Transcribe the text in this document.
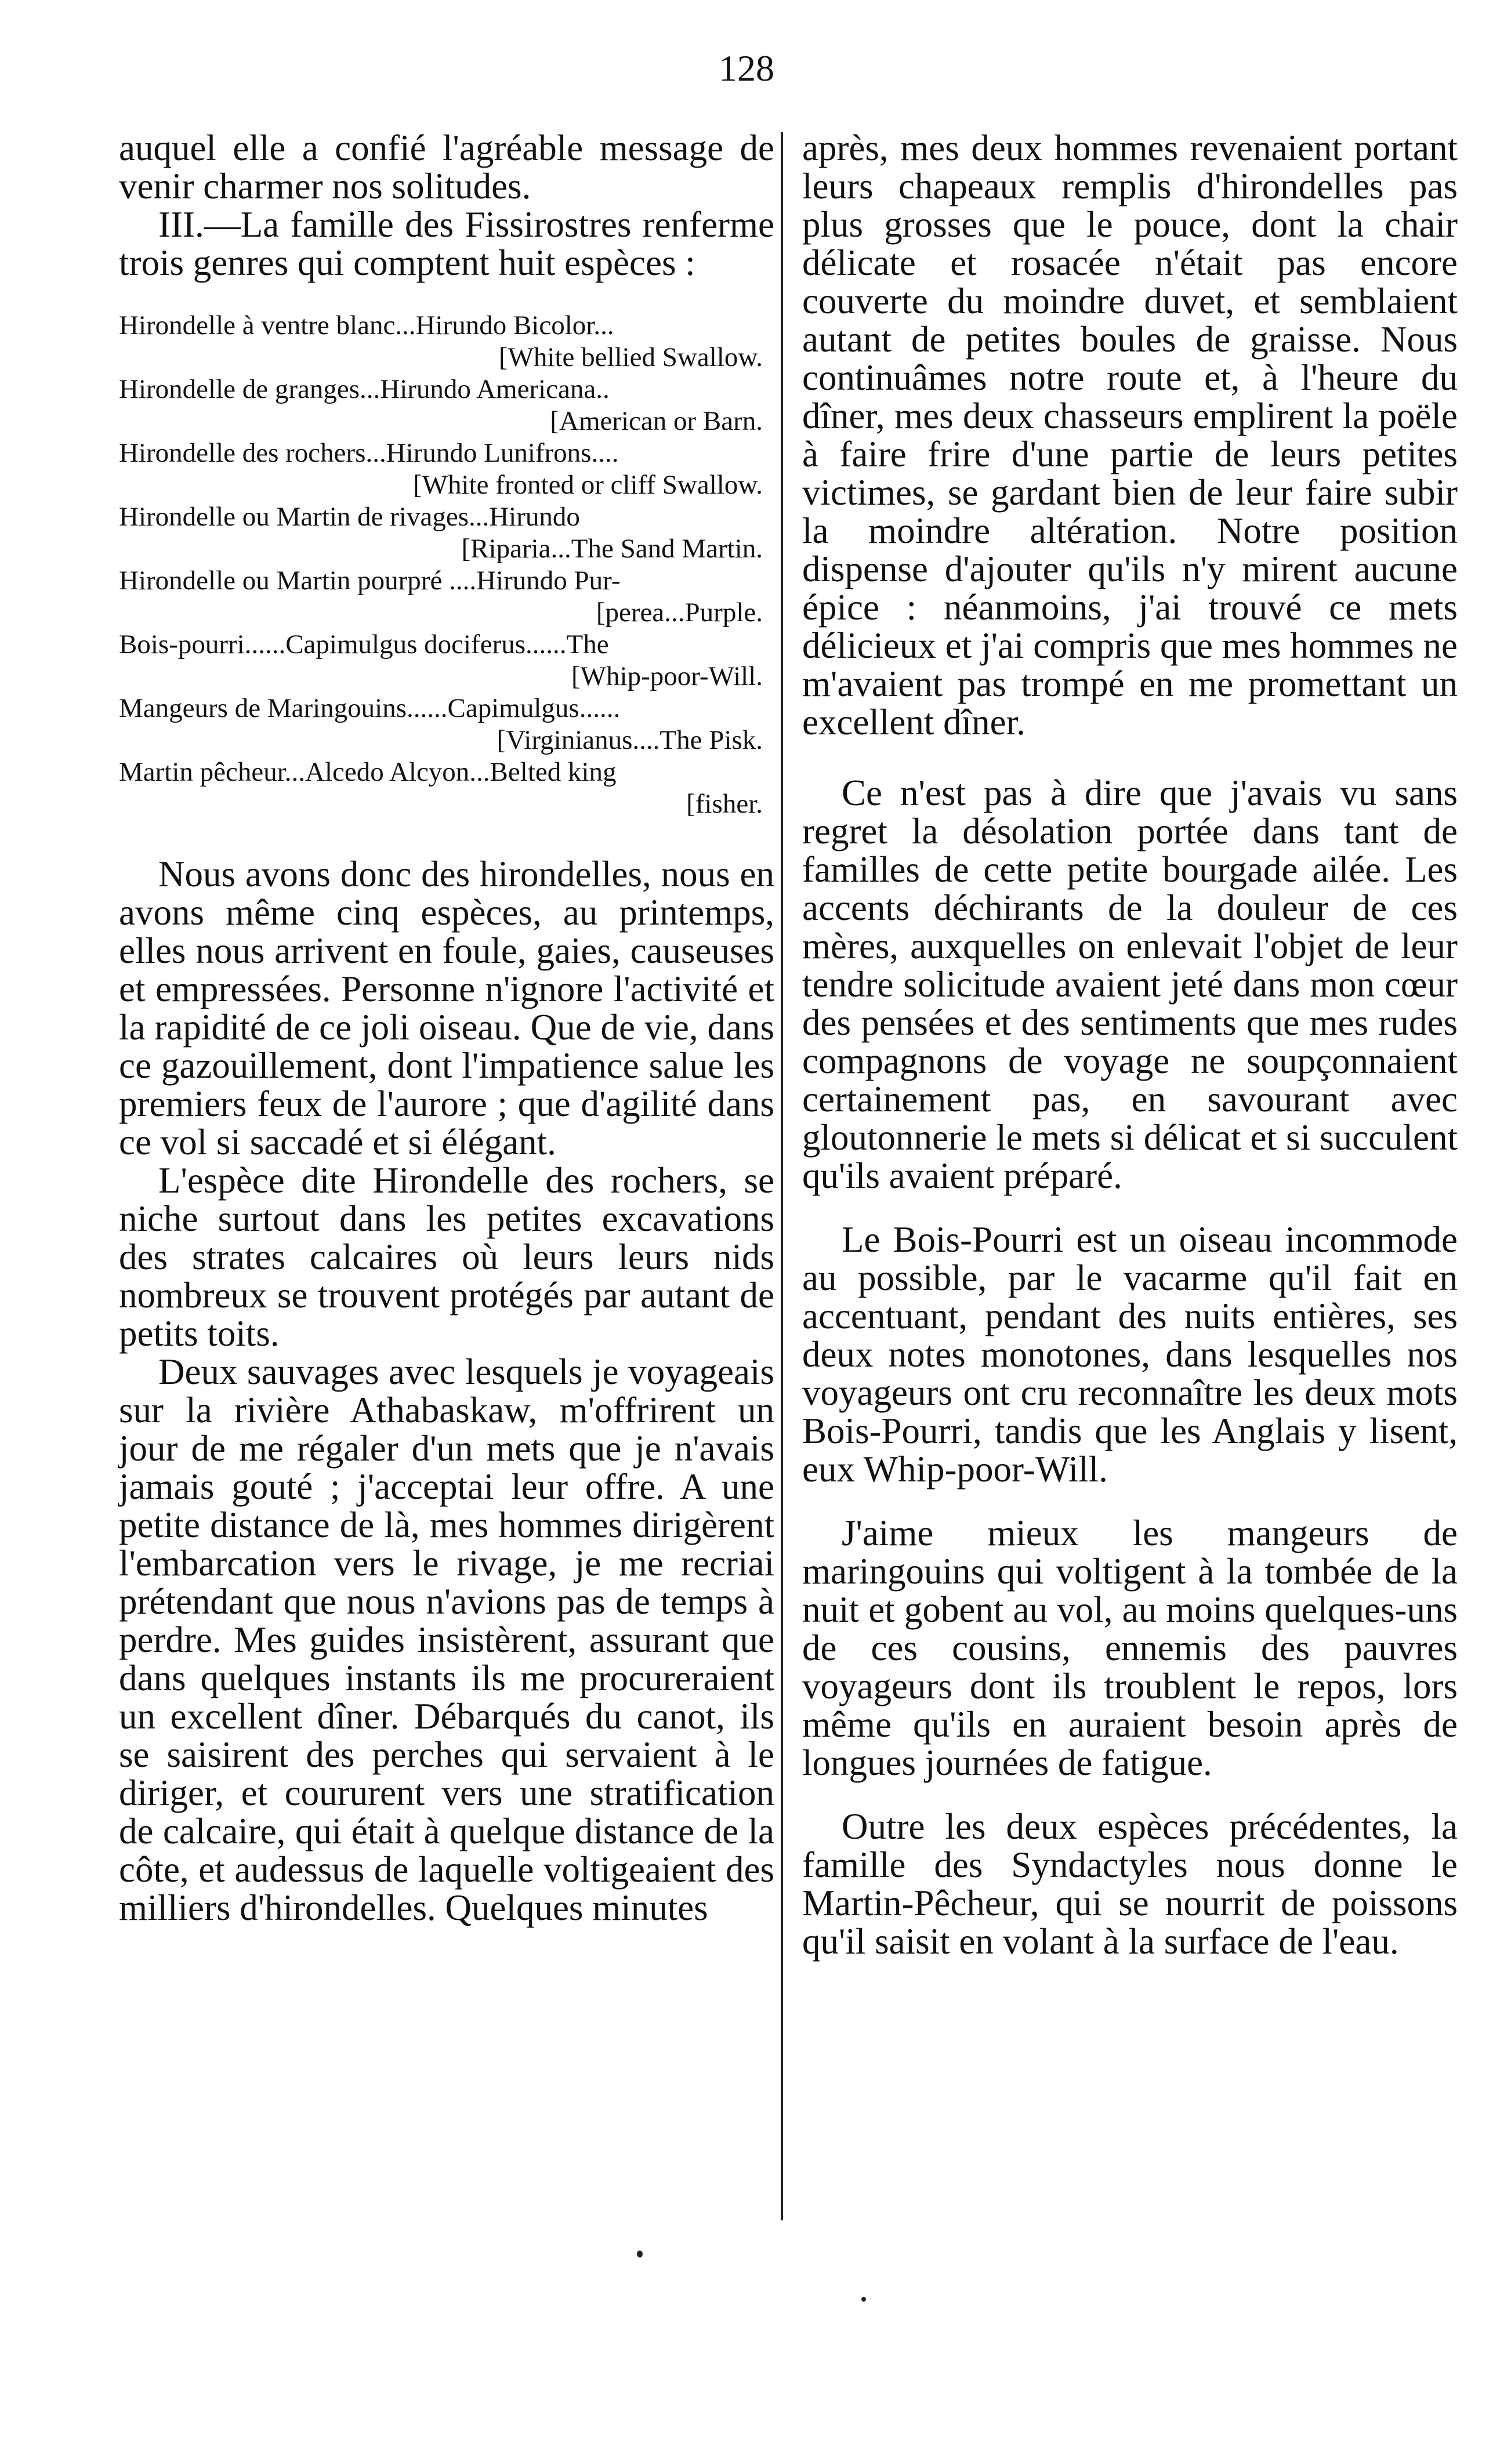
128

auquel elle a confié l'agréable message de venir charmer nos solitudes.

III.—La famille des Fissirostres renferme trois genres qui comptent huit espèces :

Hirondelle à ventre blanc...Hirundo Bicolor...
[ White bellied Swallow.
Hirondelle de granges...Hirundo Americana..
[ American or Barn.
Hirondelle des rochers...Hirundo Lunifrons....
[ White fronted or cliff Swallow.
Hirondelle ou Martin de rivages...Hirundo
[ Riparia...The Sand Martin.
Hirondelle ou Martin pourpré ....Hirundo Pur-
[ perea...Purple.
Bois-pourri......Capimulgus dociferus......The
[ Whip-poor-Will.
Mangeurs de Maringouins......Capimulgus......
[ Virginianus....The Pisk.
Martin pêcheur...Alcedo Alcyon...Belted king
[ fisher.

Nous avons donc des hirondelles, nous en avons même cinq espèces, au printemps, elles nous arrivent en foule, gaies, causeuses et empressées. Personne n'ignore l'activité et la rapidité de ce joli oiseau. Que de vie, dans ce gazouillement, dont l'impatience salue les premiers feux de l'aurore ; que d'agilité dans ce vol si saccadé et si élégant.

L'espèce dite Hirondelle des rochers, se niche surtout dans les petites excavations des strates calcaires où leurs leurs nids nombreux se trouvent protégés par autant de petits toits.

Deux sauvages avec lesquels je voyageais sur la rivière Athabaskaw, m'offrirent un jour de me régaler d'un mets que je n'avais jamais gouté ; j'acceptai leur offre. A une petite distance de là, mes hommes dirigèrent l'embarcation vers le rivage, je me recriai prétendant que nous n'avions pas de temps à perdre. Mes guides insistèrent, assurant que dans quelques instants ils me procureraient un excellent dîner. Débarqués du canot, ils se saisirent des perches qui servaient à le diriger, et coururent vers une stratification de calcaire, qui était à quelque distance de la côte, et audessus de laquelle voltigeaient des milliers d'hirondelles. Quelques minutes

après, mes deux hommes revenaient portant leurs chapeaux remplis d'hirondelles pas plus grosses que le pouce, dont la chair délicate et rosacée n'était pas encore couverte du moindre duvet, et semblaient autant de petites boules de graisse. Nous continuâmes notre route et, à l'heure du dîner, mes deux chasseurs emplirent la poële à faire frire d'une partie de leurs petites victimes, se gardant bien de leur faire subir la moindre altération. Notre position dispense d'ajouter qu'ils n'y mirent aucune épice : néanmoins, j'ai trouvé ce mets délicieux et j'ai compris que mes hommes ne m'avaient pas trompé en me promettant un excellent dîner.

Ce n'est pas à dire que j'avais vu sans regret la désolation portée dans tant de familles de cette petite bourgade ailée. Les accents déchirants de la douleur de ces mères, auxquelles on enlevait l'objet de leur tendre solicitude avaient jeté dans mon cœur des pensées et des sentiments que mes rudes compagnons de voyage ne soupçonnaient certainement pas, en savourant avec gloutonnerie le mets si délicat et si succulent qu'ils avaient préparé.

Le Bois-Pourri est un oiseau incommode au possible, par le vacarme qu'il fait en accentuant, pendant des nuits entières, ses deux notes monotones, dans lesquelles nos voyageurs ont cru reconnaître les deux mots Bois-Pourri, tandis que les Anglais y lisent, eux Whip-poor-Will.

J'aime mieux les mangeurs de maringouins qui voltigent à la tombée de la nuit et gobent au vol, au moins quelques-uns de ces cousins, ennemis des pauvres voyageurs dont ils troublent le repos, lors même qu'ils en auraient besoin après de longues journées de fatigue.

Outre les deux espèces précédentes, la famille des Syndactyles nous donne le Martin-Pêcheur, qui se nourrit de poissons qu'il saisit en volant à la surface de l'eau.
